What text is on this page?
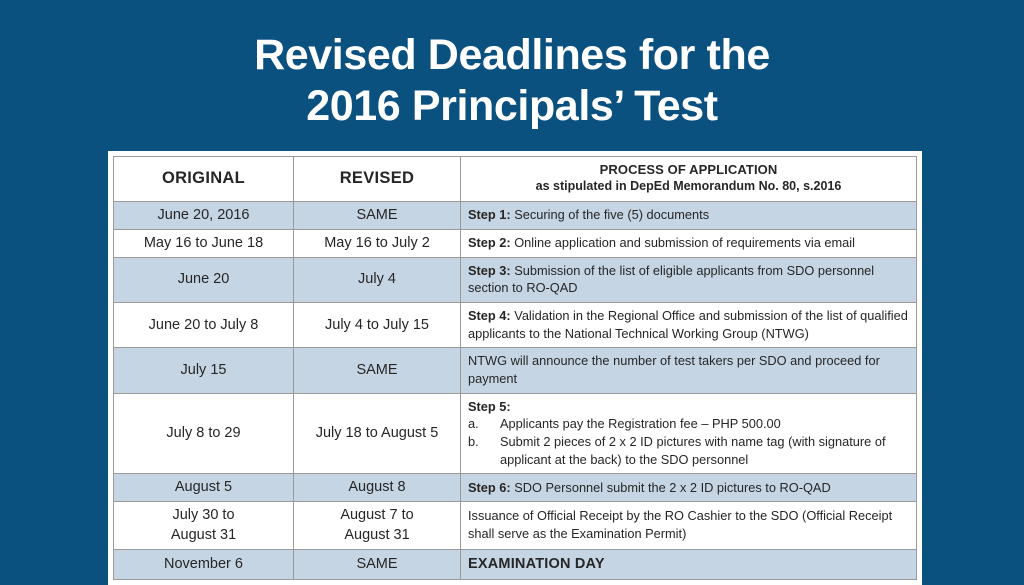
Revised Deadlines for the
2016 Principals’ Test
ORIGINAL	REVISED	PROCESS OF APPLICATION
as stipulated in DepEd Memorandum No. 80, s.2016

June 20, 2016	SAME	Step 1: Securing of the five (5) documents
May 16 to June 18	May 16 to July 2	Step 2: Online application and submission of requirements via email
June 20	July 4	Step 3: Submission of the list of eligible applicants from SDO personnel section to RO-QAD
June 20 to July 8	July 4 to July 15	Step 4: Validation in the Regional Office and submission of the list of qualified applicants to the National Technical Working Group (NTWG)
July 15	SAME	NTWG will announce the number of test takers per SDO and proceed for payment
July 8 to 29	July 18 to August 5	Step 5:
a. Applicants pay the Registration fee – PHP 500.00
b. Submit 2 pieces of 2 x 2 ID pictures with name tag (with signature of applicant at the back) to the SDO personnel

August 5	August 8	Step 6: SDO Personnel submit the 2 x 2 ID pictures to RO-QAD
July 30 to
August 31	August 7 to
August 31	Issuance of Official Receipt by the RO Cashier to the SDO (Official Receipt shall serve as the Examination Permit)
November 6	SAME	EXAMINATION DAY
